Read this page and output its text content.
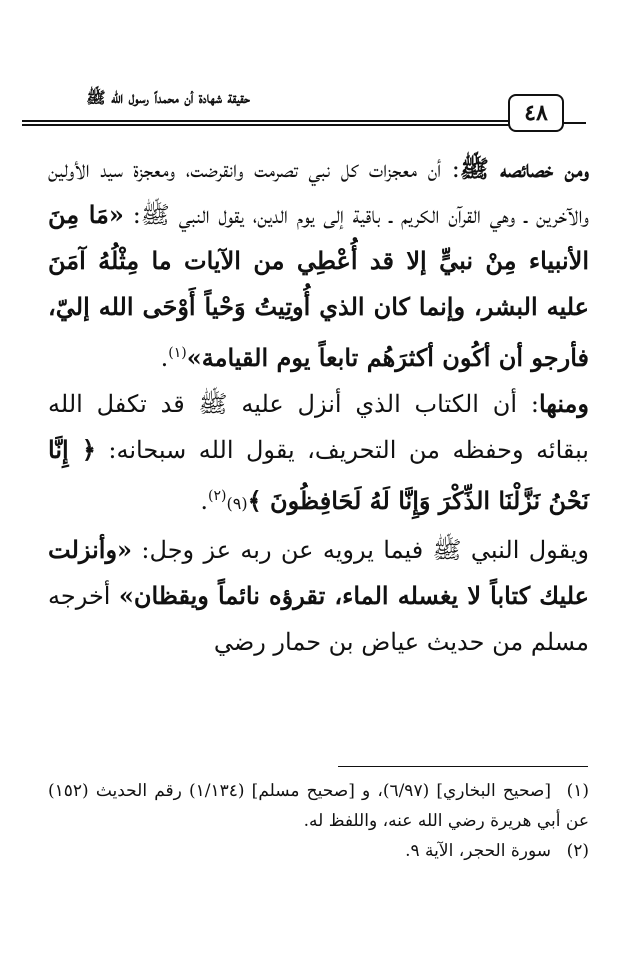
حقيقة شهادة أن محمداً رسول الله ﷺ
٤٨

ومن خصائصه ﷺ: أن معجزات كل نبي تصرمت وانقرضت، ومعجزة سيد الأولين والآخرين ـ وهي القرآن الكريم ـ باقية إلى يوم الدين، يقول النبي ﷺ: «مَا مِنَ الأنبياء مِنْ نبيٍّ إلا قد أُعْطِي من الآيات ما مِثْلُهُ آمَنَ عليه البشر، وإنما كان الذي أُوتِيتُ وَحْياً أَوْحَى الله إليّ، فأرجو أن أكُون أكثرَهُم تابعاً يوم القيامة»$^{(١)}$.

ومنها: أن الكتاب الذي أنزل عليه ﷺ قد تكفل الله ببقائه وحفظه من التحريف، يقول الله سبحانه: ﴿ إِنَّا نَحْنُ نَزَّلْنَا الذِّكْرَ وَإِنَّا لَهُ لَحَافِظُونَ ﴾(٩)$^{(٢)}$.

ويقول النبي ﷺ فيما يرويه عن ربه عز وجل: «وأنزلت عليك كتاباً لا يغسله الماء، تقرؤه نائماً ويقظان» أخرجه مسلم من حديث عياض بن حمار رضي

(١)[صحيح البخاري] (٦/٩٧)، و [صحيح مسلم] (١/١٣٤) رقم الحديث (١٥٢) عن أبي هريرة رضي الله عنه، واللفظ له.

(٢)سورة الحجر، الآية ٩.
